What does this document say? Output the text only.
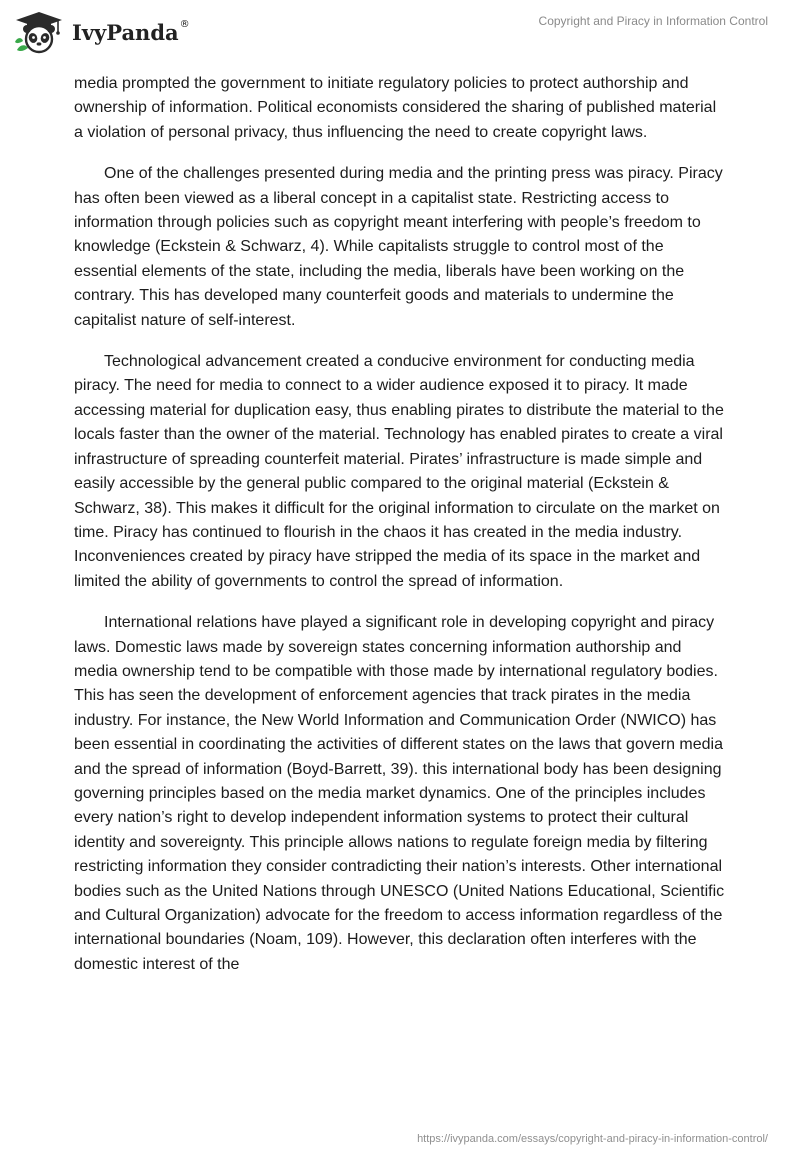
IvyPanda ®	Copyright and Piracy in Information Control

media prompted the government to initiate regulatory policies to protect authorship and ownership of information. Political economists considered the sharing of published material a violation of personal privacy, thus influencing the need to create copyright laws.

One of the challenges presented during media and the printing press was piracy. Piracy has often been viewed as a liberal concept in a capitalist state. Restricting access to information through policies such as copyright meant interfering with people’s freedom to knowledge (Eckstein & Schwarz, 4). While capitalists struggle to control most of the essential elements of the state, including the media, liberals have been working on the contrary. This has developed many counterfeit goods and materials to undermine the capitalist nature of self-interest.

Technological advancement created a conducive environment for conducting media piracy. The need for media to connect to a wider audience exposed it to piracy. It made accessing material for duplication easy, thus enabling pirates to distribute the material to the locals faster than the owner of the material. Technology has enabled pirates to create a viral infrastructure of spreading counterfeit material. Pirates’ infrastructure is made simple and easily accessible by the general public compared to the original material (Eckstein & Schwarz, 38). This makes it difficult for the original information to circulate on the market on time. Piracy has continued to flourish in the chaos it has created in the media industry. Inconveniences created by piracy have stripped the media of its space in the market and limited the ability of governments to control the spread of information.

International relations have played a significant role in developing copyright and piracy laws. Domestic laws made by sovereign states concerning information authorship and media ownership tend to be compatible with those made by international regulatory bodies. This has seen the development of enforcement agencies that track pirates in the media industry. For instance, the New World Information and Communication Order (NWICO) has been essential in coordinating the activities of different states on the laws that govern media and the spread of information (Boyd-Barrett, 39). this international body has been designing governing principles based on the media market dynamics. One of the principles includes every nation’s right to develop independent information systems to protect their cultural identity and sovereignty. This principle allows nations to regulate foreign media by filtering restricting information they consider contradicting their nation’s interests. Other international bodies such as the United Nations through UNESCO (United Nations Educational, Scientific and Cultural Organization) advocate for the freedom to access information regardless of the international boundaries (Noam, 109). However, this declaration often interferes with the domestic interest of the

https://ivypanda.com/essays/copyright-and-piracy-in-information-control/
